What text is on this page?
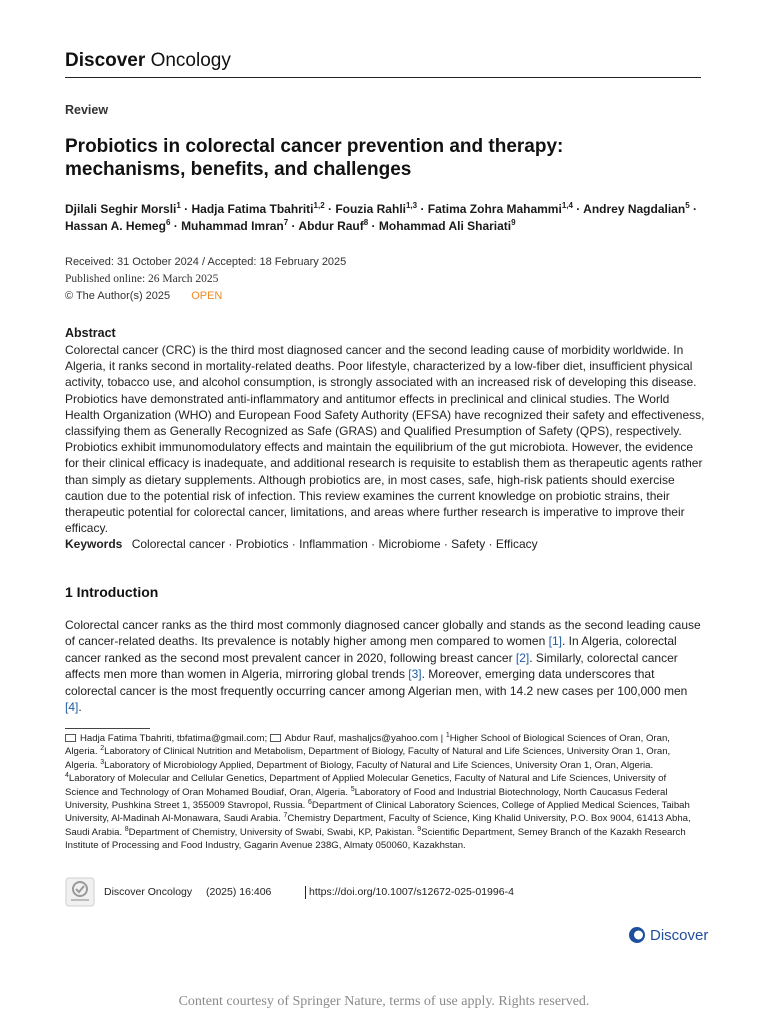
Discover Oncology
Review
Probiotics in colorectal cancer prevention and therapy: mechanisms, benefits, and challenges
Djilali Seghir Morsli$^1$ · Hadja Fatima Tbahriti$^{1,2}$ · Fouzia Rahli$^{1,3}$ · Fatima Zohra Mahammi$^{1,4}$ · Andrey Nagdalian$^5$ · Hassan A. Hemeg$^6$ · Muhammad Imran$^7$ · Abdur Rauf$^8$ · Mohammad Ali Shariati$^9$
Received: 31 October 2024 / Accepted: 18 February 2025
Published online: 26 March 2025
© The Author(s) 2025 OPEN
Abstract
Colorectal cancer (CRC) is the third most diagnosed cancer and the second leading cause of morbidity worldwide. In Algeria, it ranks second in mortality-related deaths. Poor lifestyle, characterized by a low-fiber diet, insufficient physical activity, tobacco use, and alcohol consumption, is strongly associated with an increased risk of developing this disease. Probiotics have demonstrated anti-inflammatory and antitumor effects in preclinical and clinical studies. The World Health Organization (WHO) and European Food Safety Authority (EFSA) have recognized their safety and effectiveness, classifying them as Generally Recognized as Safe (GRAS) and Qualified Presumption of Safety (QPS), respectively. Probiotics exhibit immunomodulatory effects and maintain the equilibrium of the gut microbiota. However, the evidence for their clinical efficacy is inadequate, and additional research is requisite to establish them as therapeutic agents rather than simply as dietary supplements. Although probiotics are, in most cases, safe, high-risk patients should exercise caution due to the potential risk of infection. This review examines the current knowledge on probiotic strains, their therapeutic potential for colorectal cancer, limitations, and areas where further research is imperative to improve their efficacy.
Keywords Colorectal cancer · Probiotics · Inflammation · Microbiome · Safety · Efficacy
1 Introduction
Colorectal cancer ranks as the third most commonly diagnosed cancer globally and stands as the second leading cause of cancer-related deaths. Its prevalence is notably higher among men compared to women [1]. In Algeria, colorectal cancer ranked as the second most prevalent cancer in 2020, following breast cancer [2]. Similarly, colorectal cancer affects men more than women in Algeria, mirroring global trends [3]. Moreover, emerging data underscores that colorectal cancer is the most frequently occurring cancer among Algerian men, with 14.2 new cases per 100,000 men [4].
Hadja Fatima Tbahriti, tbfatima@gmail.com; Abdur Rauf, mashaljcs@yahoo.com | $^1$Higher School of Biological Sciences of Oran, Oran, Algeria. $^2$Laboratory of Clinical Nutrition and Metabolism, Department of Biology, Faculty of Natural and Life Sciences, University Oran 1, Oran, Algeria. $^3$Laboratory of Microbiology Applied, Department of Biology, Faculty of Natural and Life Sciences, University Oran 1, Oran, Algeria. $^4$Laboratory of Molecular and Cellular Genetics, Department of Applied Molecular Genetics, Faculty of Natural and Life Sciences, University of Science and Technology of Oran Mohamed Boudiaf, Oran, Algeria. $^5$Laboratory of Food and Industrial Biotechnology, North Caucasus Federal University, Pushkina Street 1, 355009 Stavropol, Russia. $^6$Department of Clinical Laboratory Sciences, College of Applied Medical Sciences, Taibah University, Al-Madinah Al-Monawara, Saudi Arabia. $^7$Chemistry Department, Faculty of Science, King Khalid University, P.O. Box 9004, 61413 Abha, Saudi Arabia. $^8$Department of Chemistry, University of Swabi, Swabi, KP, Pakistan. $^9$Scientific Department, Semey Branch of the Kazakh Research Institute of Processing and Food Industry, Gagarin Avenue 238G, Almaty 050060, Kazakhstan.
Discover Oncology (2025) 16:406	https://doi.org/10.1007/s12672-025-01996-4
Discover
Content courtesy of Springer Nature, terms of use apply. Rights reserved.
